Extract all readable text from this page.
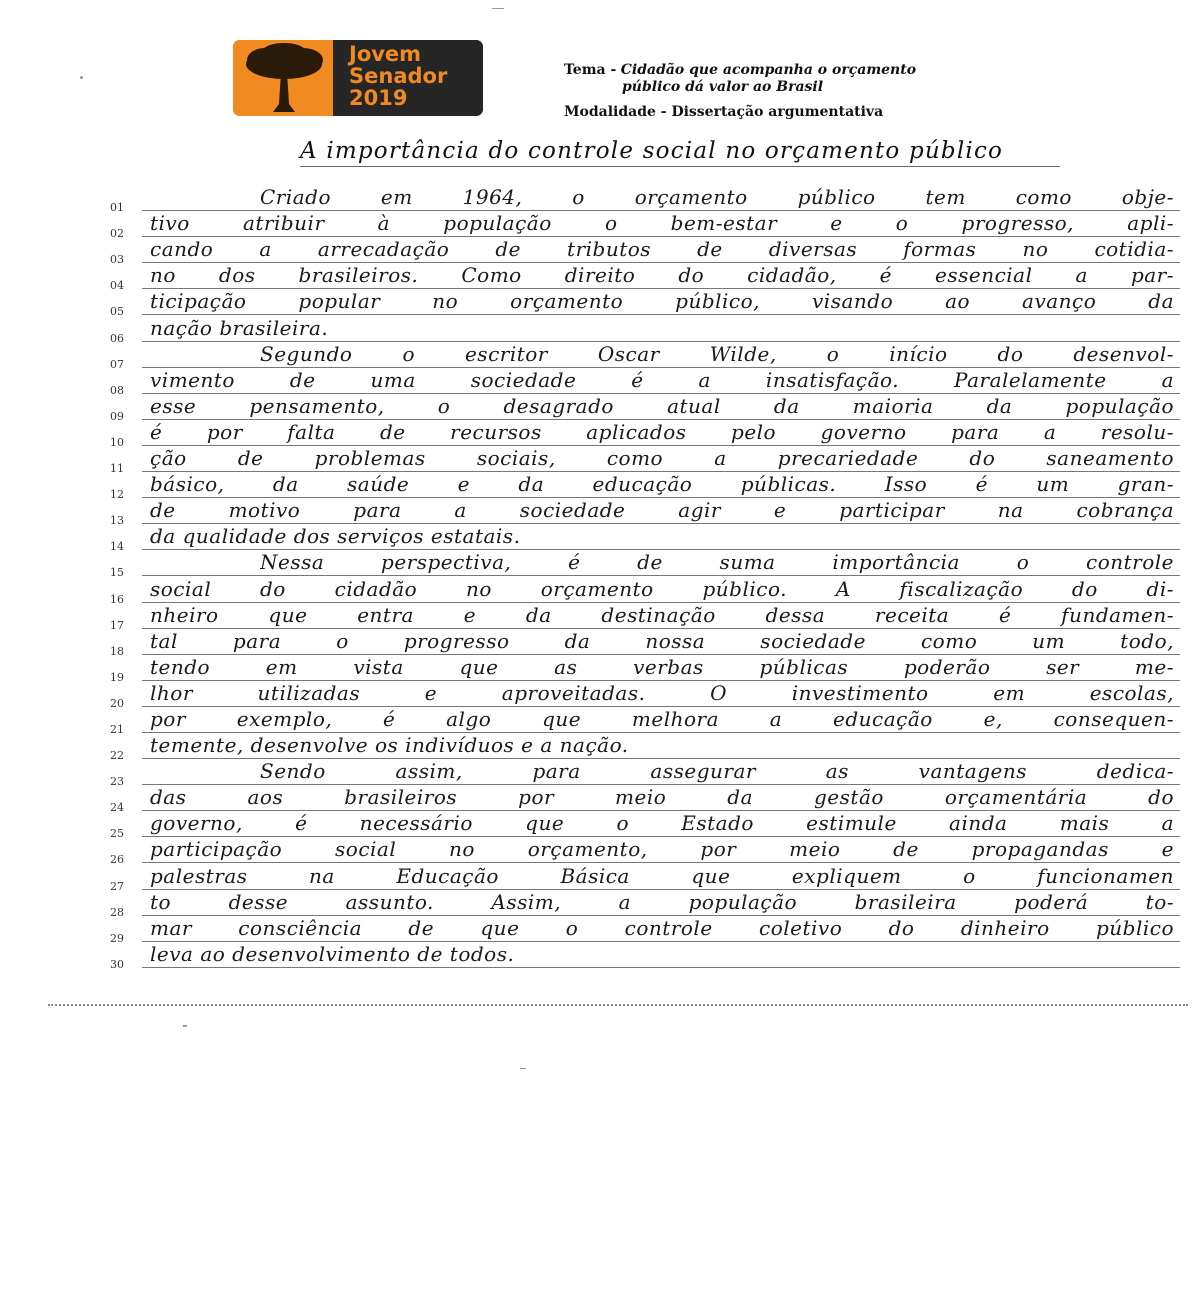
Jovem
Senador
2019
Tema - Cidadão que acompanha o orçamento
público dá valor ao Brasil
Modalidade - Dissertação argumentativa
A importância do controle social no orçamento público
01	Criado em 1964, o orçamento público tem como obje-
02	tivo atribuir à população o bem-estar e o progresso, apli-
03	cando a arrecadação de tributos de diversas formas no cotidia-
04	no dos brasileiros. Como direito do cidadão, é essencial a par-
05	ticipação popular no orçamento público, visando ao avanço da
06	nação brasileira.
07	Segundo o escritor Oscar Wilde, o início do desenvol-
08	vimento de uma sociedade é a insatisfação. Paralelamente a
09	esse pensamento, o desagrado atual da maioria da população
10	é por falta de recursos aplicados pelo governo para a resolu-
11	ção de problemas sociais, como a precariedade do saneamento
12	básico, da saúde e da educação públicas. Isso é um gran-
13	de motivo para a sociedade agir e participar na cobrança
14	da qualidade dos serviços estatais.
15	Nessa perspectiva, é de suma importância o controle
16	social do cidadão no orçamento público. A fiscalização do di-
17	nheiro que entra e da destinação dessa receita é fundamen-
18	tal para o progresso da nossa sociedade como um todo,
19	tendo em vista que as verbas públicas poderão ser me-
20	lhor utilizadas e aproveitadas. O investimento em escolas,
21	por exemplo, é algo que melhora a educação e, consequen-
22	temente, desenvolve os indivíduos e a nação.
23	Sendo assim, para assegurar as vantagens dedica-
24	das aos brasileiros por meio da gestão orçamentária do
25	governo, é necessário que o Estado estimule ainda mais a
26	participação social no orçamento, por meio de propagandas e
27	palestras na Educação Básica que expliquem o funcionamen
28	to desse assunto. Assim, a população brasileira poderá to-
29	mar consciência de que o controle coletivo do dinheiro público
30	leva ao desenvolvimento de todos.
